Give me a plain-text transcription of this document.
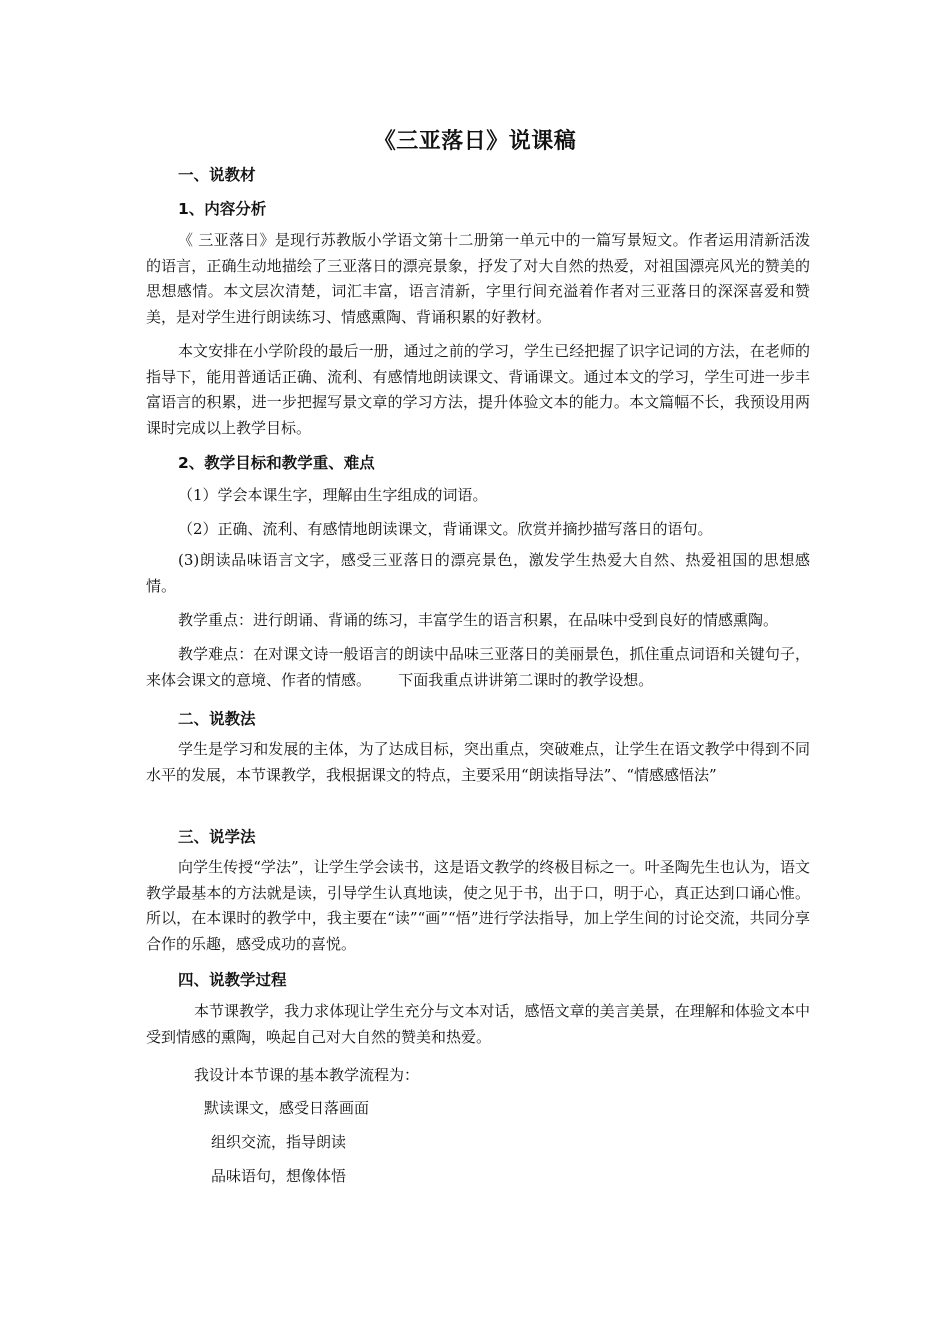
《三亚落日》说课稿
一、说教材
1、内容分析

《 三亚落日》是现行苏教版小学语文第十二册第一单元中的一篇写景短文。作者运用清新活泼的语言，正确生动地描绘了三亚落日的漂亮景象，抒发了对大自然的热爱，对祖国漂亮风光的赞美的思想感情。本文层次清楚，词汇丰富，语言清新，字里行间充溢着作者对三亚落日的深深喜爱和赞美，是对学生进行朗读练习、情感熏陶、背诵积累的好教材。

本文安排在小学阶段的最后一册，通过之前的学习，学生已经把握了识字记词的方法，在老师的指导下，能用普通话正确、流利、有感情地朗读课文、背诵课文。通过本文的学习，学生可进一步丰富语言的积累，进一步把握写景文章的学习方法，提升体验文本的能力。本文篇幅不长，我预设用两课时完成以上教学目标。

2、教学目标和教学重、难点
（1）学会本课生字，理解由生字组成的词语。
（2）正确、流利、有感情地朗读课文，背诵课文。欣赏并摘抄描写落日的语句。

(3)朗读品味语言文字，感受三亚落日的漂亮景色，激发学生热爱大自然、热爱祖国的思想感情。

教学重点：进行朗诵、背诵的练习，丰富学生的语言积累，在品味中受到良好的情感熏陶。

教学难点：在对课文诗一般语言的朗读中品味三亚落日的美丽景色，抓住重点词语和关键句子，来体会课文的意境、作者的情感。　　 下面我重点讲讲第二课时的教学设想。

二、说教法

学生是学习和发展的主体，为了达成目标，突出重点，突破难点，让学生在语文教学中得到不同水平的发展，本节课教学，我根据课文的特点，主要采用“朗读指导法”、“情感感悟法”

三、说学法

向学生传授“学法”，让学生学会读书，这是语文教学的终极目标之一。叶圣陶先生也认为，语文教学最基本的方法就是读，引导学生认真地读，使之见于书，出于口，明于心，真正达到口诵心惟。所以，在本课时的教学中，我主要在“读”“画”“悟”进行学法指导，加上学生间的讨论交流，共同分享合作的乐趣，感受成功的喜悦。

四、说教学过程

本节课教学，我力求体现让学生充分与文本对话，感悟文章的美言美景，在理解和体验文本中受到情感的熏陶，唤起自己对大自然的赞美和热爱。

我设计本节课的基本教学流程为：
默读课文，感受日落画面
组织交流，指导朗读
品味语句，想像体悟
